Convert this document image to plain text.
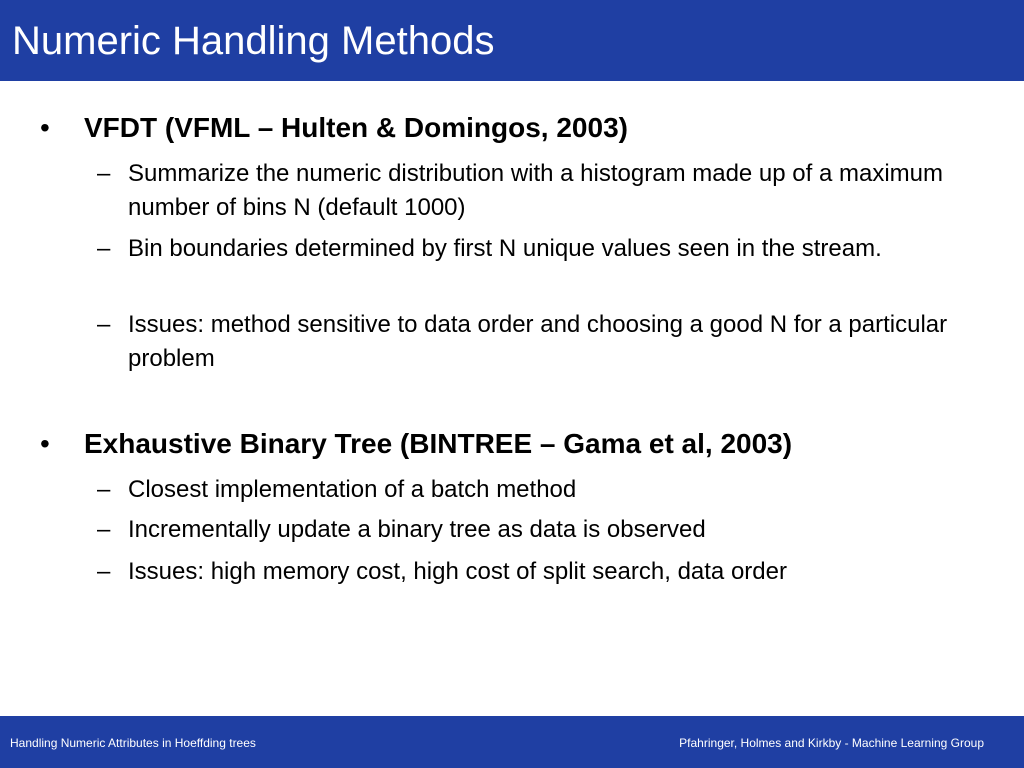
Numeric Handling Methods
• VFDT (VFML – Hulten & Domingos, 2003)
– Summarize the numeric distribution with a histogram made up of a maximum number of bins N (default 1000)
– Bin boundaries determined by first N unique values seen in the stream.
– Issues: method sensitive to data order and choosing a good N for a particular problem
• Exhaustive Binary Tree (BINTREE – Gama et al, 2003)
– Closest implementation of a batch method
– Incrementally update a binary tree as data is observed
– Issues: high memory cost, high cost of split search, data order
Handling Numeric Attributes in Hoeffding trees	Pfahringer, Holmes and Kirkby - Machine Learning Group
